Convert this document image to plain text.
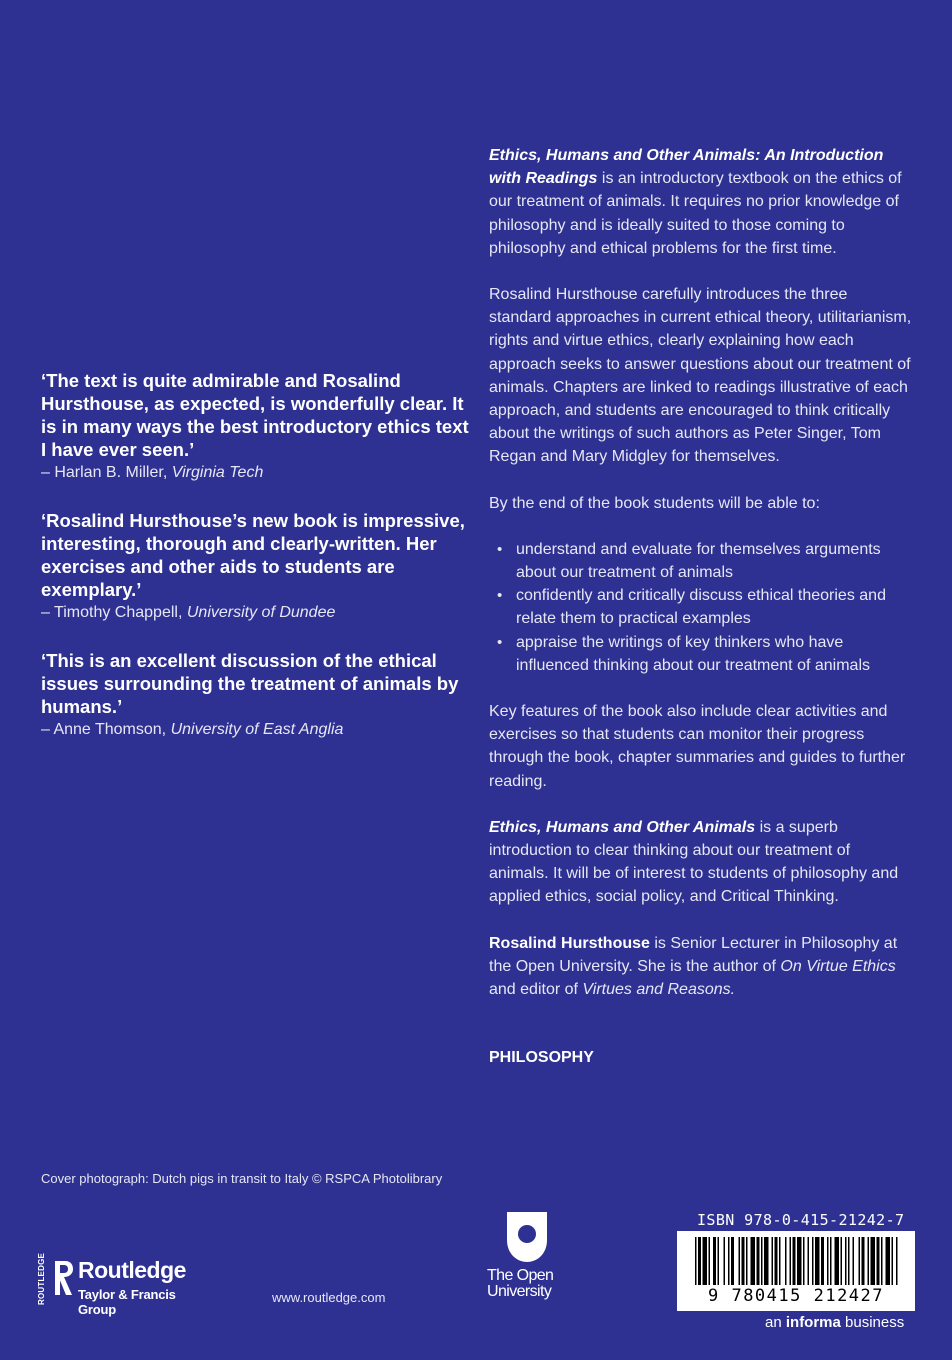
‘The text is quite admirable and Rosalind Hursthouse, as expected, is wonderfully clear. It is in many ways the best introductory ethics text I have ever seen.’

– Harlan B. Miller, Virginia Tech

‘Rosalind Hursthouse’s new book is impressive, interesting, thorough and clearly-written. Her exercises and other aids to students are exemplary.’

– Timothy Chappell, University of Dundee

‘This is an excellent discussion of the ethical issues surrounding the treatment of animals by humans.’

– Anne Thomson, University of East Anglia

Ethics, Humans and Other Animals: An Introduction with Readings is an introductory textbook on the ethics of our treatment of animals. It requires no prior knowledge of philosophy and is ideally suited to those coming to philosophy and ethical problems for the first time.

Rosalind Hursthouse carefully introduces the three standard approaches in current ethical theory, utilitarianism, rights and virtue ethics, clearly explaining how each approach seeks to answer questions about our treatment of animals. Chapters are linked to readings illustrative of each approach, and students are encouraged to think critically about the writings of such authors as Peter Singer, Tom Regan and Mary Midgley for themselves.

By the end of the book students will be able to:

• understand and evaluate for themselves arguments about our treatment of animals
• confidently and critically discuss ethical theories and relate them to practical examples
• appraise the writings of key thinkers who have influenced thinking about our treatment of animals

Key features of the book also include clear activities and exercises so that students can monitor their progress through the book, chapter summaries and guides to further reading.

Ethics, Humans and Other Animals is a superb introduction to clear thinking about our treatment of animals. It will be of interest to students of philosophy and applied ethics, social policy, and Critical Thinking.

Rosalind Hursthouse is Senior Lecturer in Philosophy at the Open University. She is the author of On Virtue Ethics and editor of Virtues and Reasons.

PHILOSOPHY

Cover photograph: Dutch pigs in transit to Italy © RSPCA Photolibrary
ROUTLEDGE Routledge
Taylor & Francis Group
www.routledge.com
The Open
University
ISBN 978-0-415-21242-7
9 780415 212427
an informa business
